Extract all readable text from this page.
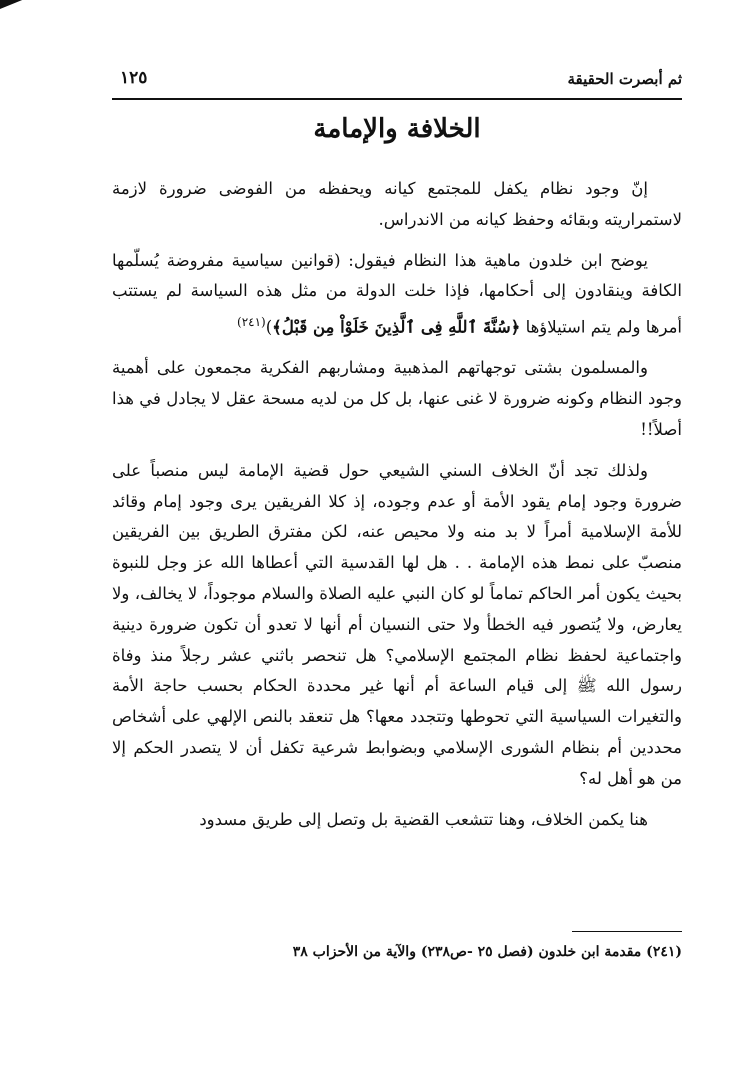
ثم أبصرت الحقيقة
١٢٥
الخلافة والإمامة

إنّ وجود نظام يكفل للمجتمع كيانه ويحفظه من الفوضى ضرورة لازمة لاستمراريته وبقائه وحفظ كيانه من الاندراس.

يوضح ابن خلدون ماهية هذا النظام فيقول: (قوانين سياسية مفروضة يُسلّمها الكافة وينقادون إلى أحكامها، فإذا خلت الدولة من مثل هذه السياسة لم يستتب أمرها ولم يتم استيلاؤها ﴿سُنَّةَ ٱللَّهِ فِى ٱلَّذِينَ خَلَوْاْ مِن قَبْلُ﴾)$^{(٢٤١)}$

والمسلمون بشتى توجهاتهم المذهبية ومشاربهم الفكرية مجمعون على أهمية وجود النظام وكونه ضرورة لا غنى عنها، بل كل من لديه مسحة عقل لا يجادل في هذا أصلاً!!

ولذلك تجد أنّ الخلاف السني الشيعي حول قضية الإمامة ليس منصباً على ضرورة وجود إمام يقود الأمة أو عدم وجوده، إذ كلا الفريقين يرى وجود إمام وقائد للأمة الإسلامية أمراً لا بد منه ولا محيص عنه، لكن مفترق الطريق بين الفريقين منصبّ على نمط هذه الإمامة . . هل لها القدسية التي أعطاها الله عز وجل للنبوة بحيث يكون أمر الحاكم تماماً لو كان النبي عليه الصلاة والسلام موجوداً، لا يخالف، ولا يعارض، ولا يُتصور فيه الخطأ ولا حتى النسيان أم أنها لا تعدو أن تكون ضرورة دينية واجتماعية لحفظ نظام المجتمع الإسلامي؟ هل تنحصر باثني عشر رجلاً منذ وفاة رسول الله ﷺ إلى قيام الساعة أم أنها غير محددة الحكام بحسب حاجة الأمة والتغيرات السياسية التي تحوطها وتتجدد معها؟ هل تنعقد بالنص الإلهي على أشخاص محددين أم بنظام الشورى الإسلامي وبضوابط شرعية تكفل أن لا يتصدر الحكم إلا من هو أهل له؟

هنا يكمن الخلاف، وهنا تتشعب القضية بل وتصل إلى طريق مسدود

(٢٤١) مقدمة ابن خلدون (فصل ٢٥ -ص٢٣٨) والآية من الأحزاب ٣٨
